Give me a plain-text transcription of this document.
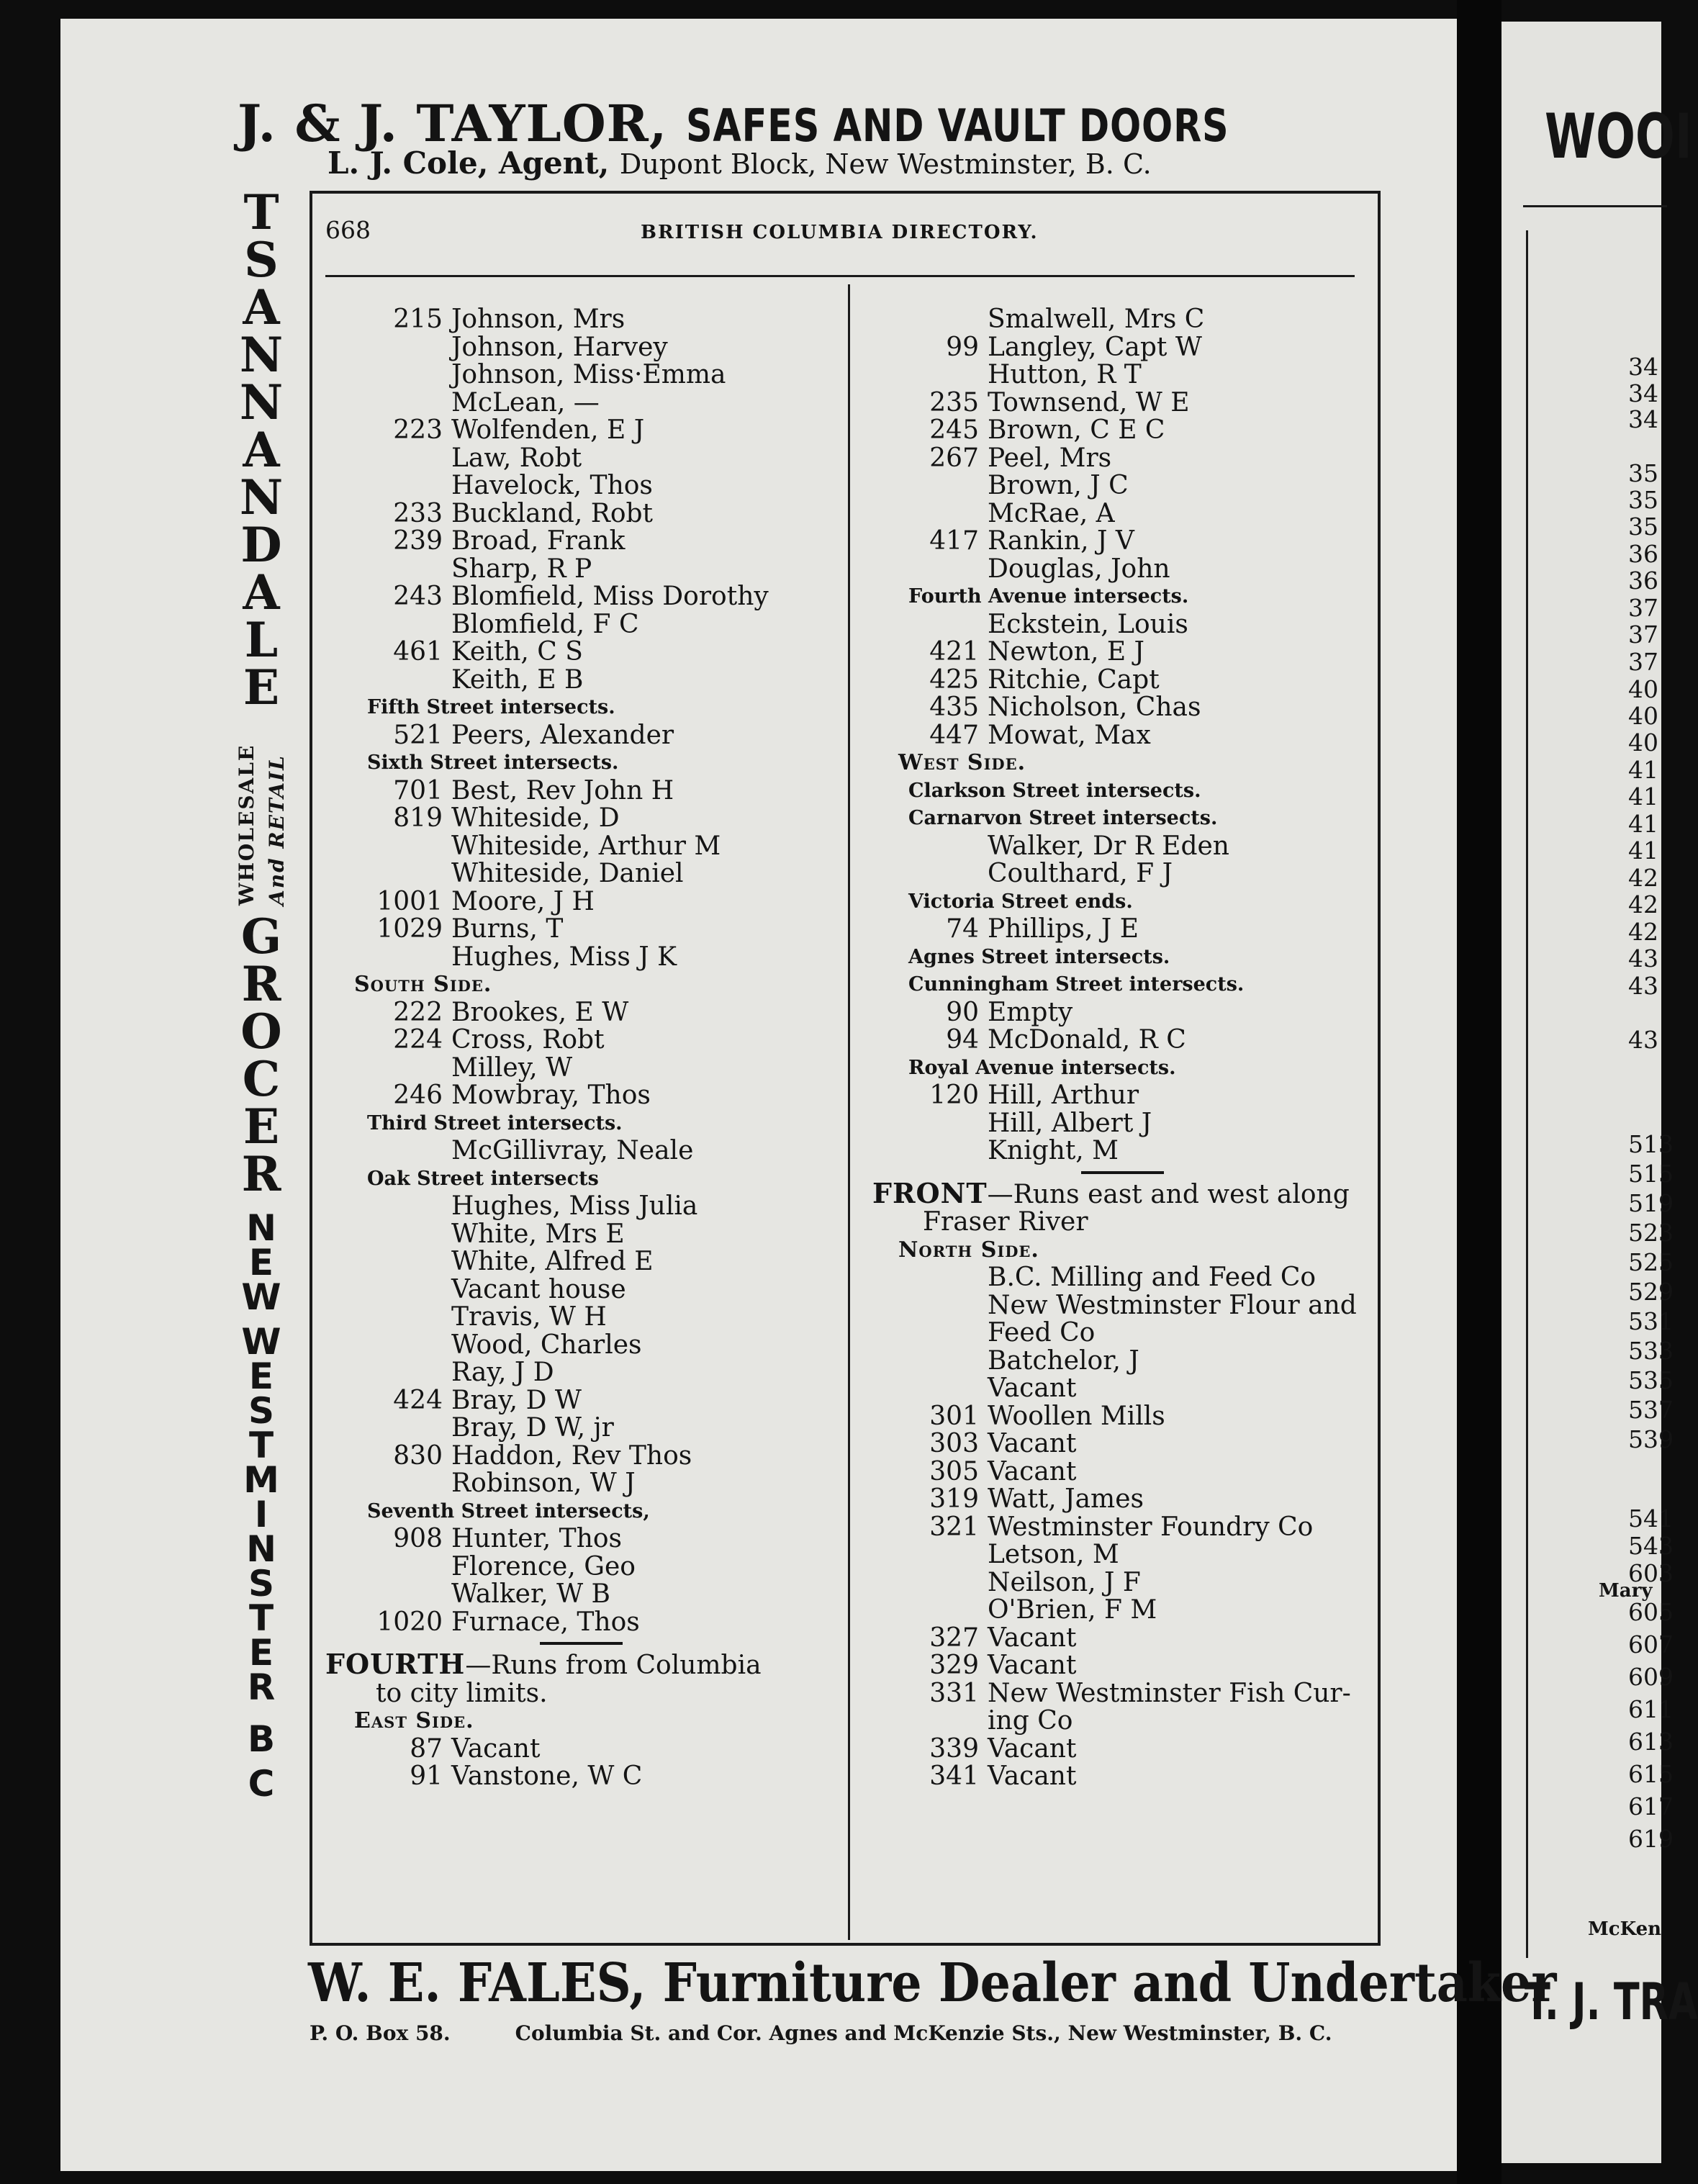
WOOI
34
34
34
35
35
35
36
36
37
37
37
40
40
40
41
41
41
41
42
42
42
43
43
43
513
515
519
523
525
529
531
533
535
537
539
541
543
603
605
607
609
611
613
615
617
619
Mary
McKen
T. J. TRA
J. & J. TAYLOR, SAFES AND VAULT DOORS
L. J. Cole, Agent, Dupont Block, New Westminster, B. C.
T
S
A
N
N
A
N
D
A
L
E
WHOLESALE And RETAIL
G
R
O
C
E
R
N
E
W
W
E
S
T
M
I
N
S
T
E
R
B
C
668	BRITISH COLUMBIA DIRECTORY.
215 Johnson, Mrs
Johnson, Harvey
Johnson, Miss·Emma
McLean, —
223 Wolfenden, E J
Law, Robt
Havelock, Thos
233 Buckland, Robt
239 Broad, Frank
Sharp, R P
243 Blomfield, Miss Dorothy
Blomfield, F C
461 Keith, C S
Keith, E B
Fifth Street intersects.
521 Peers, Alexander
Sixth Street intersects.
701 Best, Rev John H
819 Whiteside, D
Whiteside, Arthur M
Whiteside, Daniel
1001 Moore, J H
1029 Burns, T
Hughes, Miss J K
South Side.
222 Brookes, E W
224 Cross, Robt
Milley, W
246 Mowbray, Thos
Third Street intersects.
McGillivray, Neale
Oak Street intersects
Hughes, Miss Julia
White, Mrs E
White, Alfred E
Vacant house
Travis, W H
Wood, Charles
Ray, J D
424 Bray, D W
Bray, D W, jr
830 Haddon, Rev Thos
Robinson, W J
Seventh Street intersects,
908 Hunter, Thos
Florence, Geo
Walker, W B
1020 Furnace, Thos
FOURTH—Runs from Columbia
to city limits.
East Side.
87 Vacant
91 Vanstone, W C
Smalwell, Mrs C
99 Langley, Capt W
Hutton, R T
235 Townsend, W E
245 Brown, C E C
267 Peel, Mrs
Brown, J C
McRae, A
417 Rankin, J V
Douglas, John
Fourth Avenue intersects.
Eckstein, Louis
421 Newton, E J
425 Ritchie, Capt
435 Nicholson, Chas
447 Mowat, Max
West Side.
Clarkson Street intersects.
Carnarvon Street intersects.
Walker, Dr R Eden
Coulthard, F J
Victoria Street ends.
74 Phillips, J E
Agnes Street intersects.
Cunningham Street intersects.
90 Empty
94 McDonald, R C
Royal Avenue intersects.
120 Hill, Arthur
Hill, Albert J
Knight, M
FRONT—Runs east and west along
Fraser River
North Side.
B.C. Milling and Feed Co
New Westminster Flour and
Feed Co
Batchelor, J
Vacant
301 Woollen Mills
303 Vacant
305 Vacant
319 Watt, James
321 Westminster Foundry Co
Letson, M
Neilson, J F
O'Brien, F M
327 Vacant
329 Vacant
331 New Westminster Fish Cur-
ing Co
339 Vacant
341 Vacant
W. E. FALES, Furniture Dealer and Undertaker
P. O. Box 58.	Columbia St. and Cor. Agnes and McKenzie Sts., New Westminster, B. C.
